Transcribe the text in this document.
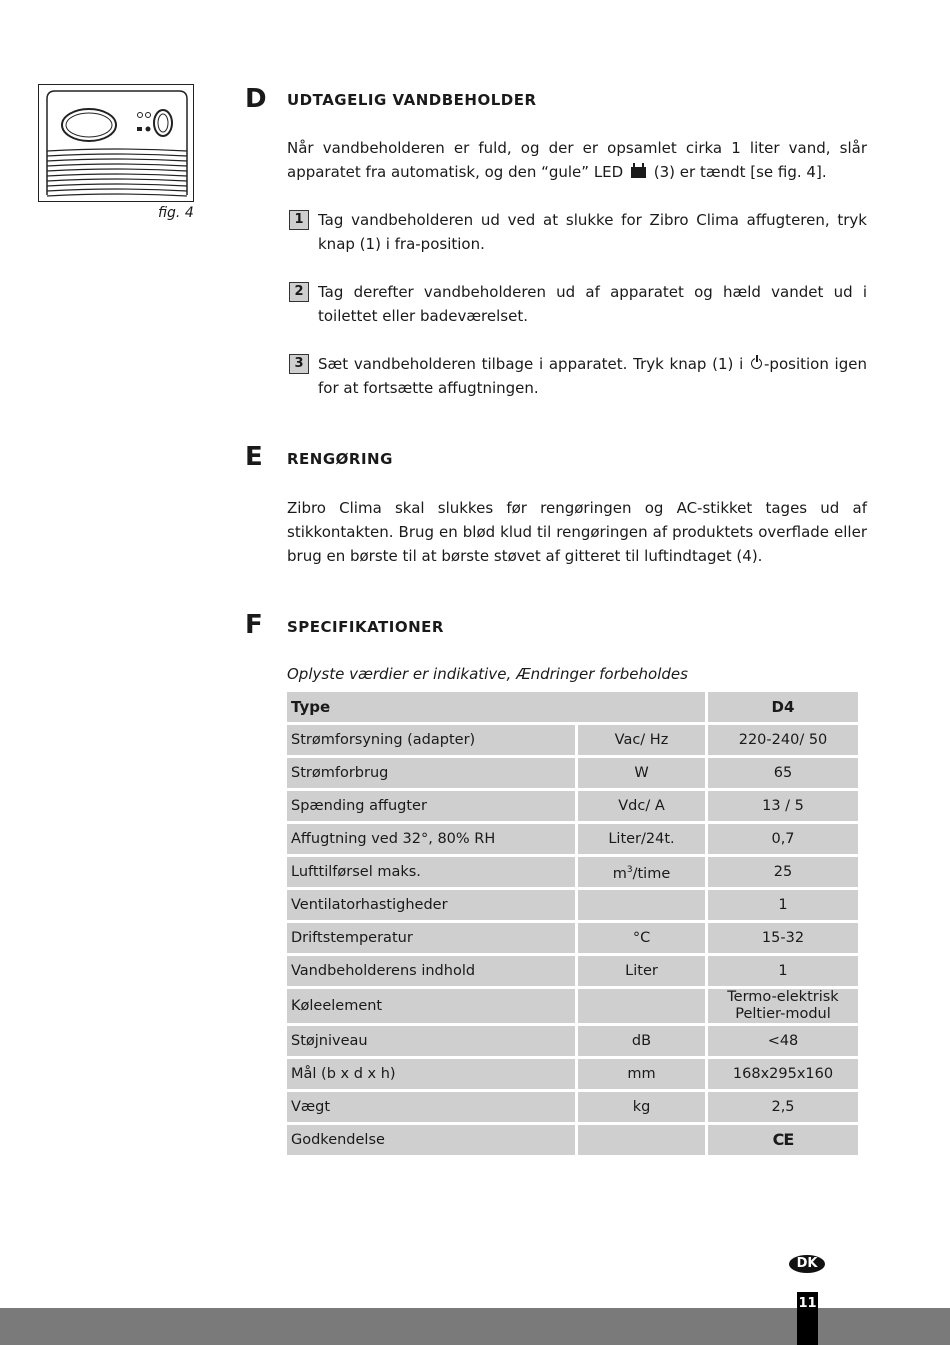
fig. 4
D UDTAGELIG VANDBEHOLDER
Når vandbeholderen er fuld, og der er opsamlet cirka 1 liter vand, slår apparatet fra automatisk, og den “gule” LED (3) er tændt [se fig. 4].
1 Tag vandbeholderen ud ved at slukke for Zibro Clima affugteren, tryk knap (1) i fra-position.
2 Tag derefter vandbeholderen ud af apparatet og hæld vandet ud i toilettet eller badeværelset.
3 Sæt vandbeholderen tilbage i apparatet. Tryk knap (1) i -position igen for at fortsætte affugtningen.
E RENGØRING
Zibro Clima skal slukkes før rengøringen og AC-stikket tages ud af stikkontakten. Brug en blød klud til rengøringen af produktets overflade eller brug en børste til at børste støvet af gitteret til luftindtaget (4).
F SPECIFIKATIONER
Oplyste værdier er indikative, Ændringer forbeholdes
Type		D4
Strømforsyning (adapter)	Vac/ Hz	220-240/ 50
Strømforbrug	W	65
Spænding affugter	Vdc/ A	13 / 5
Affugtning ved 32°, 80% RH	Liter/24t.	0,7
Lufttilførsel maks.	$m^3$/time	25
Ventilatorhastigheder		1
Driftstemperatur	°C	15-32
Vandbeholderens indhold	Liter	1
Køleelement		Termo-elektrisk
Peltier-modul

Støjniveau	dB	<48
Mål (b x d x h)	mm	168x295x160
Vægt	kg	2,5
Godkendelse		CE
DK
11
